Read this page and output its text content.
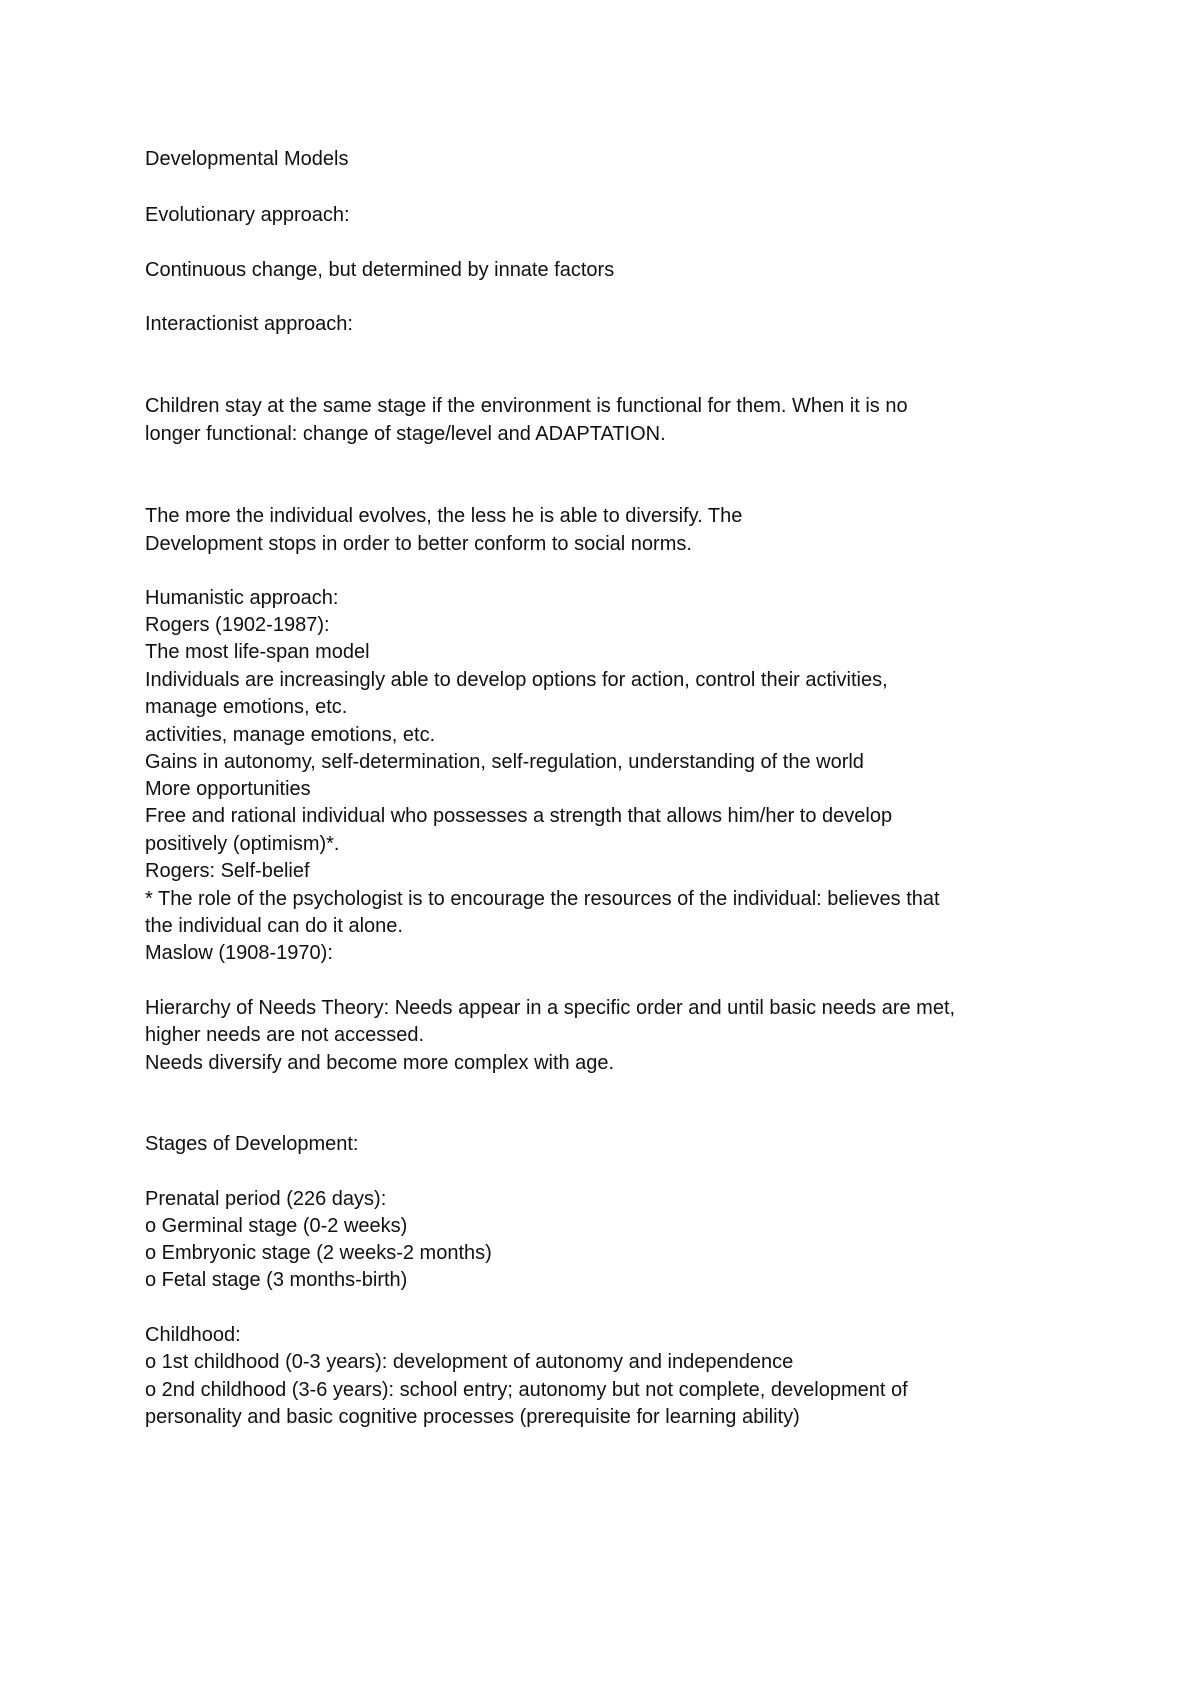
Developmental Models

Evolutionary approach:

Continuous change, but determined by innate factors

Interactionist approach:

Children stay at the same stage if the environment is functional for them. When it is no

longer functional: change of stage/level and ADAPTATION.

The more the individual evolves, the less he is able to diversify. The

Development stops in order to better conform to social norms.

Humanistic approach:

Rogers (1902-1987):

The most life-span model

Individuals are increasingly able to develop options for action, control their activities,

manage emotions, etc.

activities, manage emotions, etc.

Gains in autonomy, self-determination, self-regulation, understanding of the world

More opportunities

Free and rational individual who possesses a strength that allows him/her to develop

positively (optimism)*.

Rogers: Self-belief

* The role of the psychologist is to encourage the resources of the individual: believes that

the individual can do it alone.

Maslow (1908-1970):

Hierarchy of Needs Theory: Needs appear in a specific order and until basic needs are met,

higher needs are not accessed.

Needs diversify and become more complex with age.

Stages of Development:

Prenatal period (226 days):

o Germinal stage (0-2 weeks)

o Embryonic stage (2 weeks-2 months)

o Fetal stage (3 months-birth)

Childhood:

o 1st childhood (0-3 years): development of autonomy and independence

o 2nd childhood (3-6 years): school entry; autonomy but not complete, development of

personality and basic cognitive processes (prerequisite for learning ability)
